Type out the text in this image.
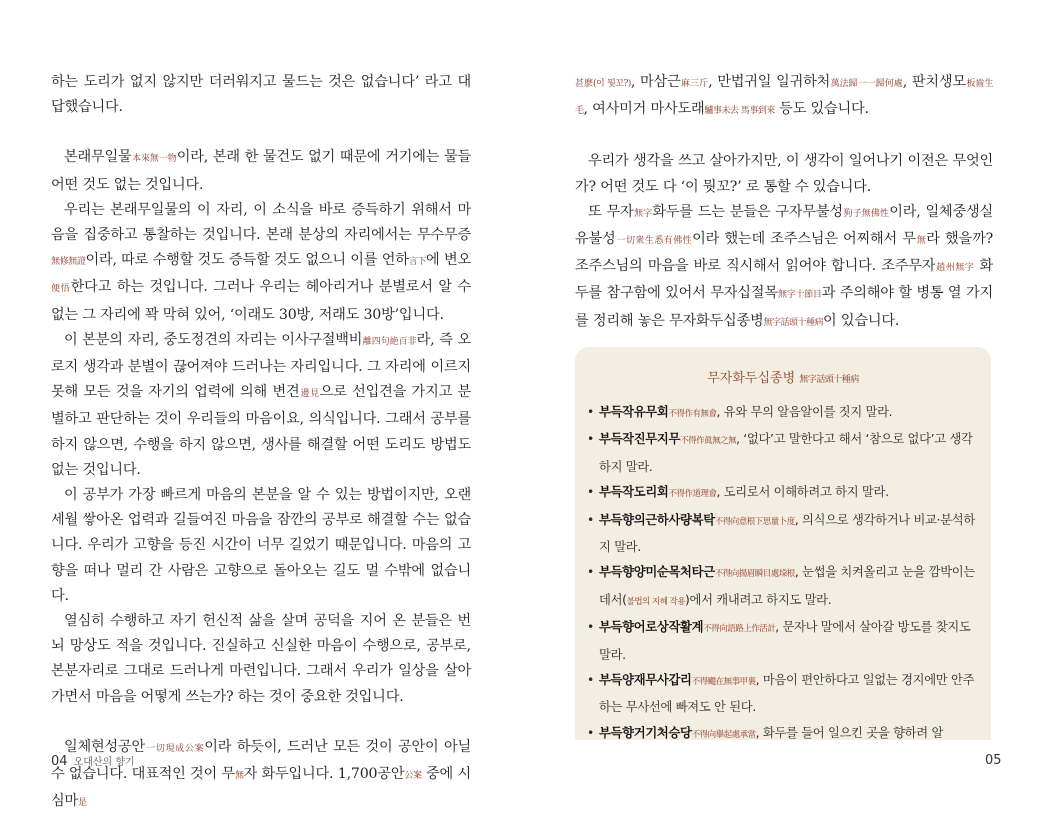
하는 도리가 없지 않지만 더러워지고 물드는 것은 없습니다’ 라고 대답했습니다.

본래무일물本來無一物이라, 본래 한 물건도 없기 때문에 거기에는 물들 어떤 것도 없는 것입니다.

우리는 본래무일물의 이 자리, 이 소식을 바로 증득하기 위해서 마음을 집중하고 통찰하는 것입니다. 본래 분상의 자리에서는 무수무증無修無證이라, 따로 수행할 것도 증득할 것도 없으니 이를 언하言下에 변오便悟한다고 하는 것입니다. 그러나 우리는 헤아리거나 분별로서 알 수 없는 그 자리에 꽉 막혀 있어, ‘이래도 30방, 저래도 30방’입니다.

이 본분의 자리, 중도정견의 자리는 이사구절백비離四句絶百非라, 즉 오로지 생각과 분별이 끊어져야 드러나는 자리입니다. 그 자리에 이르지 못해 모든 것을 자기의 업력에 의해 변견邊見으로 선입견을 가지고 분별하고 판단하는 것이 우리들의 마음이요, 의식입니다. 그래서 공부를 하지 않으면, 수행을 하지 않으면, 생사를 해결할 어떤 도리도 방법도 없는 것입니다.

이 공부가 가장 빠르게 마음의 본분을 알 수 있는 방법이지만, 오랜 세월 쌓아온 업력과 길들여진 마음을 잠깐의 공부로 해결할 수는 없습니다. 우리가 고향을 등진 시간이 너무 길었기 때문입니다. 마음의 고향을 떠나 멀리 간 사람은 고향으로 돌아오는 길도 멀 수밖에 없습니다.

열심히 수행하고 자기 헌신적 삶을 살며 공덕을 지어 온 분들은 번뇌 망상도 적을 것입니다. 진실하고 신실한 마음이 수행으로, 공부로, 본분자리로 그대로 드러나게 마련입니다. 그래서 우리가 일상을 살아가면서 마음을 어떻게 쓰는가? 하는 것이 중요한 것입니다.

일체현성공안一切現成公案이라 하듯이, 드러난 모든 것이 공안이 아닐 수 없습니다. 대표적인 것이 무無자 화두입니다. 1,700공안公案 중에 시심마是

04 오대산의 향기

甚麽(이 뭣꼬?), 마삼근麻三斤, 만법귀일 일귀하처萬法歸一一歸何處, 판치생모板齒生毛, 여사미거 마사도래驢事未去 馬事到來 등도 있습니다.

우리가 생각을 쓰고 살아가지만, 이 생각이 일어나기 이전은 무엇인가? 어떤 것도 다 ‘이 뭣꼬?’ 로 통할 수 있습니다.

또 무자無字화두를 드는 분들은 구자무불성狗子無佛性이라, 일체중생실유불성一切衆生悉有佛性이라 했는데 조주스님은 어찌해서 무無라 했을까? 조주스님의 마음을 바로 직시해서 읽어야 합니다. 조주무자趙州無字 화두를 참구함에 있어서 무자십절목無字十節目과 주의해야 할 병통 열 가지를 정리해 놓은 무자화두십종병無字話頭十種病이 있습니다.

무자화두십종병 無字話頭十種病
• 부득작유무회不得作有無會, 유와 무의 알음알이를 짓지 말라.
• 부득작진무지무不得作眞無之無, ‘없다’고 말한다고 해서 ‘참으로 없다’고 생각하지 말라.
• 부득작도리회不得作道理會, 도리로서 이해하려고 하지 말라.
• 부득향의근하사량복탁不得向意根下思量卜度, 의식으로 생각하거나 비교·분석하지 말라.
• 부득향양미순목처타근不得向揚眉瞬目處垜根, 눈썹을 치켜올리고 눈을 깜박이는 데서(불법의 지혜 작용)에서 캐내려고 하지도 말라.
• 부득향어로상작활계不得向語路上作活計, 문자나 말에서 살아갈 방도를 찾지도 말라.
• 부득양재무사갑리不得颺在無事甲裏, 마음이 편안하다고 일없는 경지에만 안주하는 무사선에 빠져도 안 된다.
• 부득향거기처승당不得向擧起處承當, 화두를 들어 일으킨 곳을 향하려 알
05
